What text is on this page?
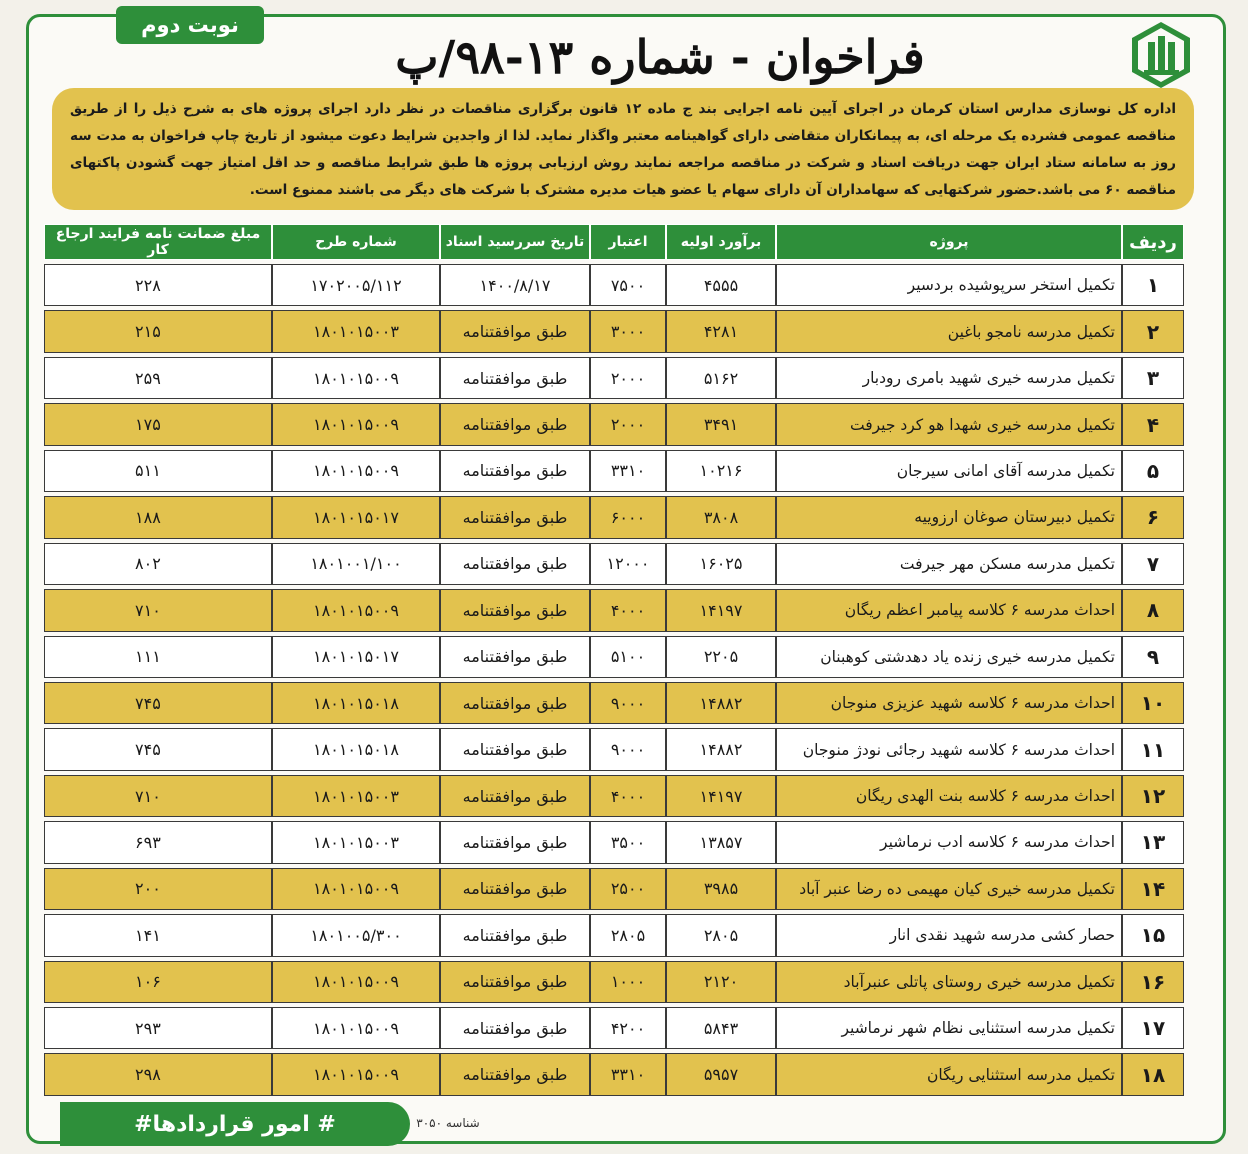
نوبت دوم
فراخوان - شماره ۱۳-۹۸/پ
اداره کل نوسازی مدارس استان کرمان در اجرای آیین نامه اجرایی بند ج ماده ۱۲ قانون برگزاری مناقصات در نظر دارد اجرای پروژه های به شرح ذیل را از طریق مناقصه عمومی فشرده یک مرحله ای، به پیمانکاران متقاضی دارای گواهینامه معتبر واگذار نماید. لذا از واجدین شرایط دعوت میشود از تاریخ چاپ فراخوان به مدت سه روز به سامانه ستاد ایران جهت دریافت اسناد و شرکت در مناقصه مراجعه نمایند روش ارزیابی پروژه ها طبق شرایط مناقصه و حد اقل امتیاز جهت گشودن پاکتهای مناقصه ۶۰ می باشد.حضور شرکتهایی که سهامداران آن دارای سهام یا عضو هیات مدیره مشترک با شرکت های دیگر می باشند ممنوع است.
ردیف	پروژه	برآورد اولیه	اعتبار	تاریخ سررسید اسناد	شماره طرح	مبلغ ضمانت نامه فرایند ارجاع کار
۱	تکمیل استخر سرپوشیده بردسیر	۴۵۵۵	۷۵۰۰	۱۴۰۰/۸/۱۷	۱۷۰۲۰۰۵/۱۱۲	۲۲۸
۲	تکمیل مدرسه نامجو باغین	۴۲۸۱	۳۰۰۰	طبق موافقتنامه	۱۸۰۱۰۱۵۰۰۳	۲۱۵
۳	تکمیل مدرسه خیری شهید بامری رودبار	۵۱۶۲	۲۰۰۰	طبق موافقتنامه	۱۸۰۱۰۱۵۰۰۹	۲۵۹
۴	تکمیل مدرسه خیری شهدا هو کرد جیرفت	۳۴۹۱	۲۰۰۰	طبق موافقتنامه	۱۸۰۱۰۱۵۰۰۹	۱۷۵
۵	تکمیل مدرسه آقای امانی سیرجان	۱۰۲۱۶	۳۳۱۰	طبق موافقتنامه	۱۸۰۱۰۱۵۰۰۹	۵۱۱
۶	تکمیل دبیرستان صوغان ارزوییه	۳۸۰۸	۶۰۰۰	طبق موافقتنامه	۱۸۰۱۰۱۵۰۱۷	۱۸۸
۷	تکمیل مدرسه مسکن مهر جیرفت	۱۶۰۲۵	۱۲۰۰۰	طبق موافقتنامه	۱۸۰۱۰۰۱/۱۰۰	۸۰۲
۸	احداث مدرسه ۶ کلاسه پیامبر اعظم ریگان	۱۴۱۹۷	۴۰۰۰	طبق موافقتنامه	۱۸۰۱۰۱۵۰۰۹	۷۱۰
۹	تکمیل مدرسه خیری زنده یاد دهدشتی کوهبنان	۲۲۰۵	۵۱۰۰	طبق موافقتنامه	۱۸۰۱۰۱۵۰۱۷	۱۱۱
۱۰	احداث مدرسه ۶ کلاسه شهید عزیزی منوجان	۱۴۸۸۲	۹۰۰۰	طبق موافقتنامه	۱۸۰۱۰۱۵۰۱۸	۷۴۵
۱۱	احداث مدرسه ۶ کلاسه شهید رجائی نودژ منوجان	۱۴۸۸۲	۹۰۰۰	طبق موافقتنامه	۱۸۰۱۰۱۵۰۱۸	۷۴۵
۱۲	احداث مدرسه ۶ کلاسه بنت الهدی ریگان	۱۴۱۹۷	۴۰۰۰	طبق موافقتنامه	۱۸۰۱۰۱۵۰۰۳	۷۱۰
۱۳	احداث مدرسه ۶ کلاسه ادب نرماشیر	۱۳۸۵۷	۳۵۰۰	طبق موافقتنامه	۱۸۰۱۰۱۵۰۰۳	۶۹۳
۱۴	تکمیل مدرسه خیری کیان مهیمی ده رضا عنبر آباد	۳۹۸۵	۲۵۰۰	طبق موافقتنامه	۱۸۰۱۰۱۵۰۰۹	۲۰۰
۱۵	حصار کشی مدرسه شهید نقدی انار	۲۸۰۵	۲۸۰۵	طبق موافقتنامه	۱۸۰۱۰۰۵/۳۰۰	۱۴۱
۱۶	تکمیل مدرسه خیری روستای پاتلی عنبرآباد	۲۱۲۰	۱۰۰۰	طبق موافقتنامه	۱۸۰۱۰۱۵۰۰۹	۱۰۶
۱۷	تکمیل مدرسه استثنایی نظام شهر نرماشیر	۵۸۴۳	۴۲۰۰	طبق موافقتنامه	۱۸۰۱۰۱۵۰۰۹	۲۹۳
۱۸	تکمیل مدرسه استثنایی ریگان	۵۹۵۷	۳۳۱۰	طبق موافقتنامه	۱۸۰۱۰۱۵۰۰۹	۲۹۸
# امور قراردادها#	شناسه ۳۰۵۰
